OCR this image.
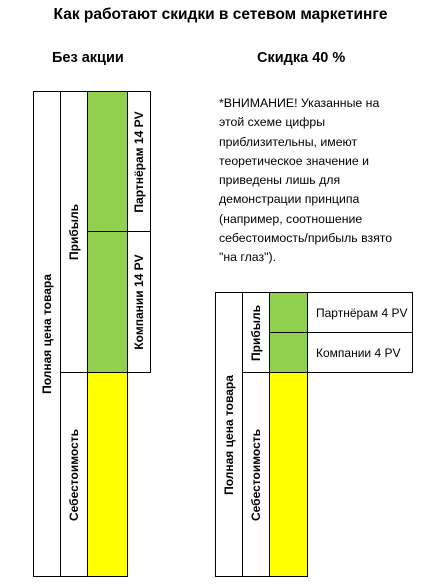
Как работают скидки в сетевом маркетинге
Без акции
Полная цена товара
Прибыль
Себестоимость
Партнёрам 14 PV
Компании 14 PV
Скидка 40 %
*ВНИМАНИЕ! Указанные на
этой схеме цифры
приблизительны, имеют
теоретическое значение и
приведены лишь для
демонстрации принципа
(например, соотношение
себестоимость/прибыль взято
"на глаз").
Полная цена товара
Прибыль
Себестоимость
Партнёрам 4 PV
Компании 4 PV
